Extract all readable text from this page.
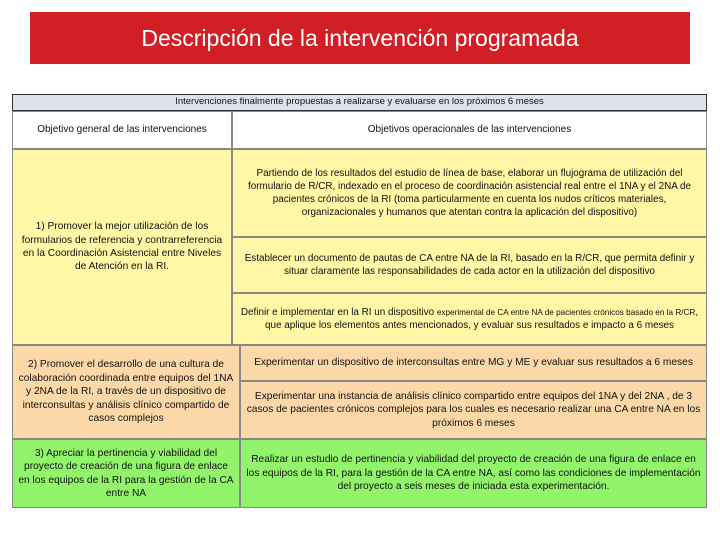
Descripción de la intervención programada
Intervenciones finalmente propuestas a realizarse y evaluarse en los próximos 6 meses
Objetivo general de las intervenciones	Objetivos operacionales de las intervenciones
1) Promover la mejor utilización de los formularios de referencia y contrarreferencia en la Coordinación Asistencial entre Niveles de Atención en la RI.
Partiendo de los resultados del estudio de línea de base, elaborar un flujograma de utilización del formulario de R/CR, indexado en el proceso de coordinación asistencial real entre el 1NA y el 2NA de pacientes crónicos de la RI (toma particularmente en cuenta los nudos críticos materiales, organizacionales y humanos que atentan contra la aplicación del dispositivo)
Establecer un documento de pautas de CA entre NA de la RI, basado en la R/CR, que permita definir y situar claramente las responsabilidades de cada actor en la utilización del dispositivo
Definir e implementar en la RI un dispositivo experimental de CA entre NA de pacientes crónicos basado en la R/CR, que aplique los elementos antes mencionados, y evaluar sus resultados e impacto a 6 meses
2) Promover el desarrollo de una cultura de colaboración coordinada entre equipos del 1NA y 2NA de la RI, a través de un dispositivo de interconsultas y análisis clínico compartido de casos complejos
Experimentar un dispositivo de interconsultas entre MG y ME y evaluar sus resultados a 6 meses
Experimentar una instancia de análisis clínico compartido entre equipos del 1NA y del 2NA , de 3 casos de pacientes crónicos complejos para los cuales es necesario realizar una CA entre NA en los próximos 6 meses
3) Apreciar la pertinencia y viabilidad del proyecto de creación de una figura de enlace en los equipos de la RI para la gestión de la CA entre NA
Realizar un estudio de pertinencia y viabilidad del proyecto de creación de una figura de enlace en los equipos de la RI, para la gestión de la CA entre NA, así como las condiciones de implementación del proyecto a seis meses de iniciada esta experimentación.
